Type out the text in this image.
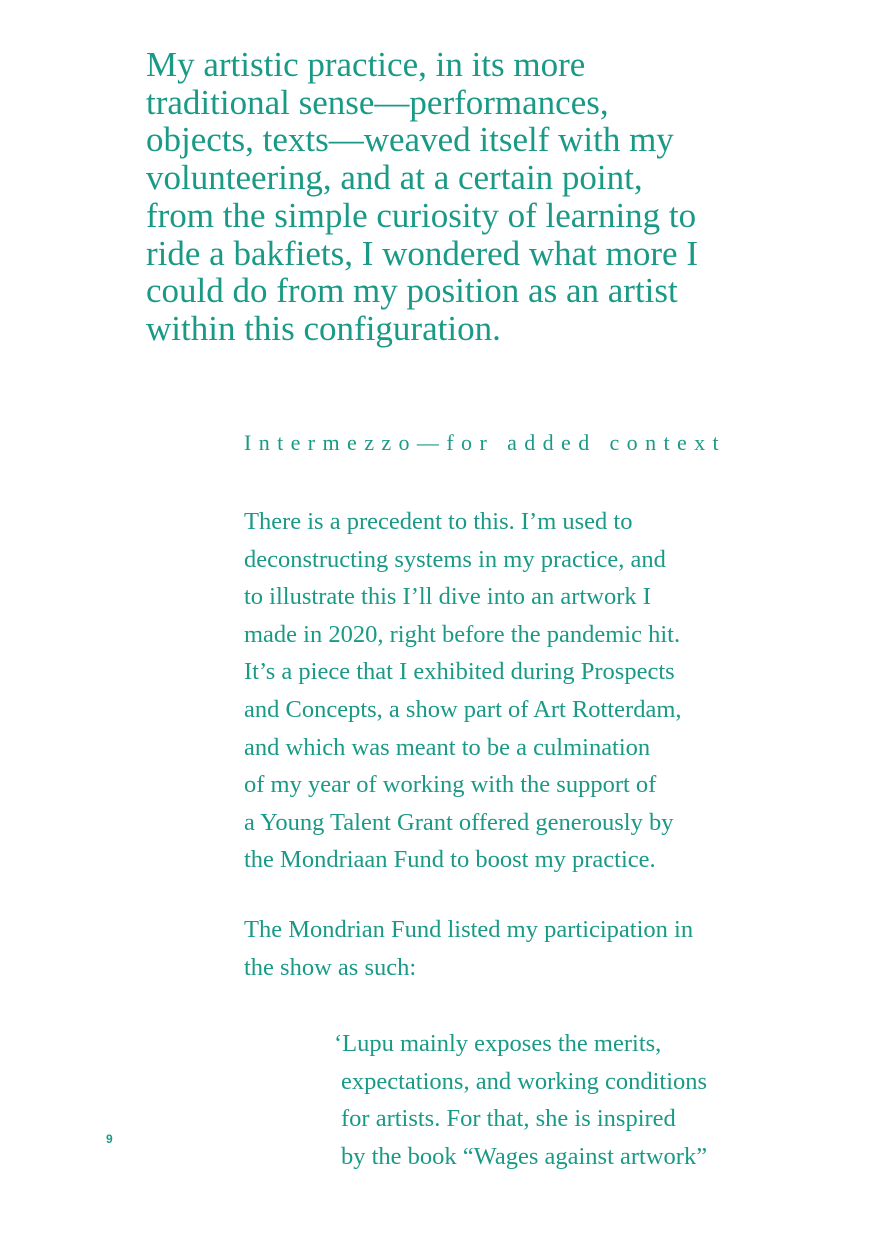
My artistic practice, in its more
traditional sense—performances,
objects, texts—weaved itself with my
volunteering, and at a certain point,
from the simple curiosity of learning to
ride a bakfiets, I wondered what more I
could do from my position as an artist
within this configuration.
Intermezzo—for added context
There is a precedent to this. I’m used to
deconstructing systems in my practice, and
to illustrate this I’ll dive into an artwork I
made in 2020, right before the pandemic hit.
It’s a piece that I exhibited during Prospects
and Concepts, a show part of Art Rotterdam,
and which was meant to be a culmination
of my year of working with the support of
a Young Talent Grant offered generously by
the Mondriaan Fund to boost my practice.
The Mondrian Fund listed my participation in
the show as such:
‘Lupu mainly exposes the merits,
expectations, and working conditions
for artists. For that, she is inspired
by the book “Wages against artwork”
9
